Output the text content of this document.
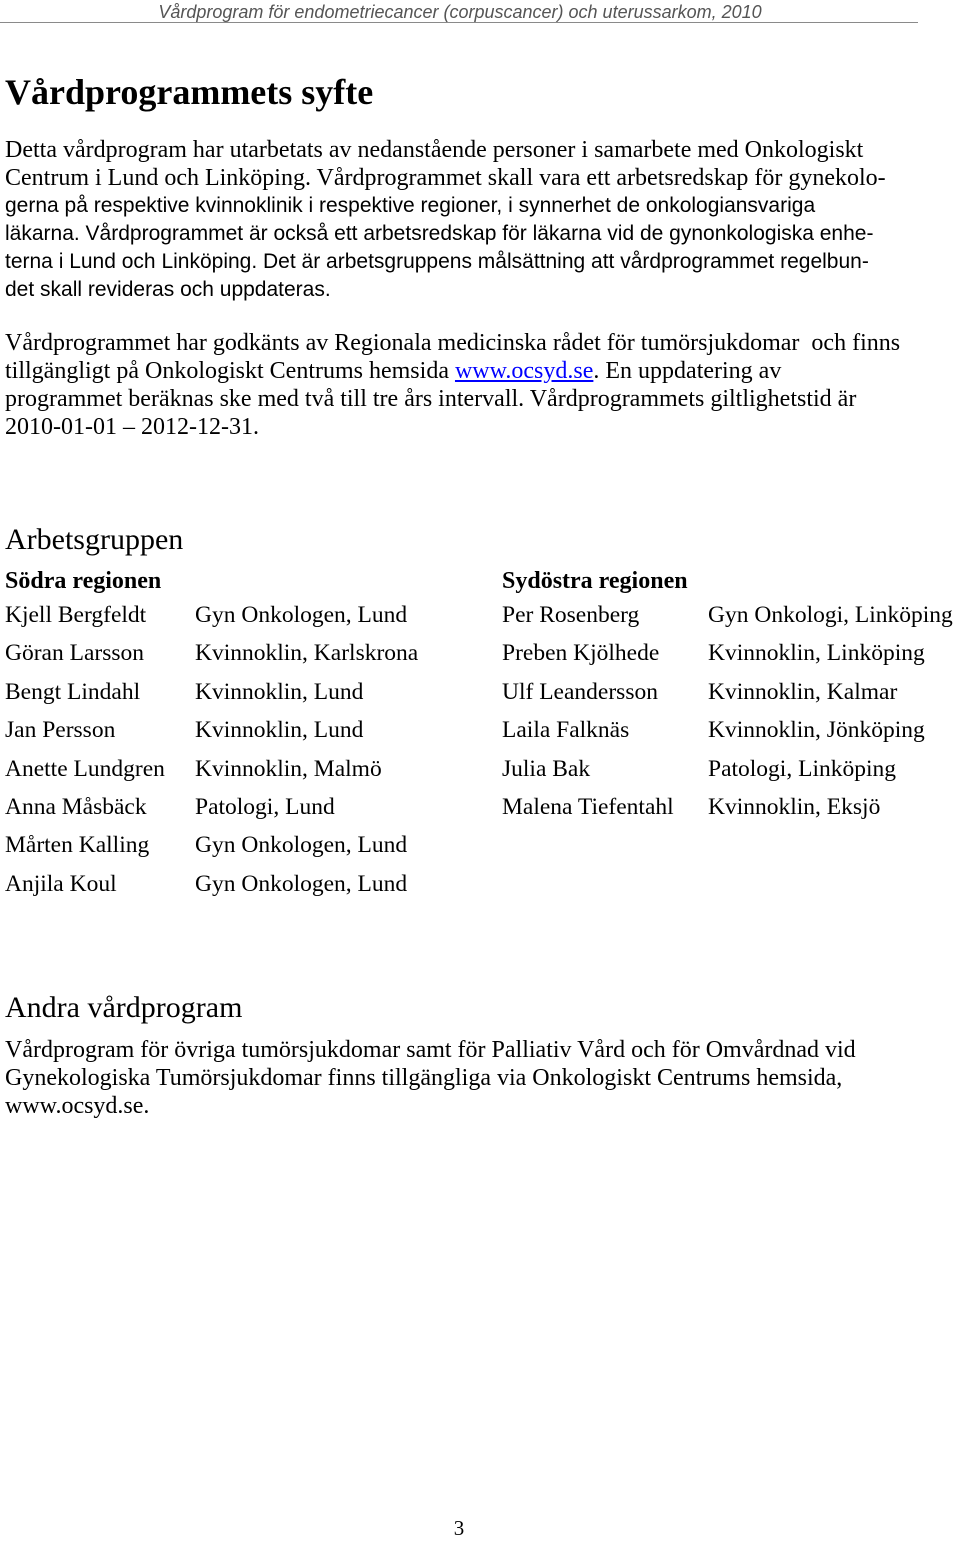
Vårdprogram för endometriecancer (corpuscancer) och uterussarkom, 2010
Vårdprogrammets syfte
Detta vårdprogram har utarbetats av nedanstående personer i samarbete med Onkologiskt
Centrum i Lund och Linköping. Vårdprogrammet skall vara ett arbetsredskap för gynekolo-
gerna på respektive kvinnoklinik i respektive regioner, i synnerhet de onkologiansvariga
läkarna. Vårdprogrammet är också ett arbetsredskap för läkarna vid de gynonkologiska enhe-
terna i Lund och Linköping. Det är arbetsgruppens målsättning att vårdprogrammet regelbun-
det skall revideras och uppdateras.
Vårdprogrammet har godkänts av Regionala medicinska rådet för tumörsjukdomar  och finns
tillgängligt på Onkologiskt Centrums hemsida www.ocsyd.se. En uppdatering av
programmet beräknas ske med två till tre års intervall. Vårdprogrammets giltlighetstid är
2010-01-01 – 2012-12-31.
Arbetsgruppen
Södra regionen	Sydöstra regionen
Kjell Bergfeldt Gyn Onkologen, Lund
Göran Larsson Kvinnoklin, Karlskrona
Bengt Lindahl Kvinnoklin, Lund
Jan Persson	Kvinnoklin, Lund
Anette Lundgren Kvinnoklin, Malmö
Anna Måsbäck Patologi, Lund
Mårten Kalling Gyn Onkologen, Lund
Anjila Koul	Gyn Onkologen, Lund
Per Rosenberg	Gyn Onkologi, Linköping
Preben Kjölhede Kvinnoklin, Linköping
Ulf Leandersson Kvinnoklin, Kalmar
Laila Falknäs	Kvinnoklin, Jönköping
Julia Bak	Patologi, Linköping
Malena Tiefentahl Kvinnoklin, Eksjö
Andra vårdprogram
Vårdprogram för övriga tumörsjukdomar samt för Palliativ Vård och för Omvårdnad vid
Gynekologiska Tumörsjukdomar finns tillgängliga via Onkologiskt Centrums hemsida,
www.ocsyd.se.
3
